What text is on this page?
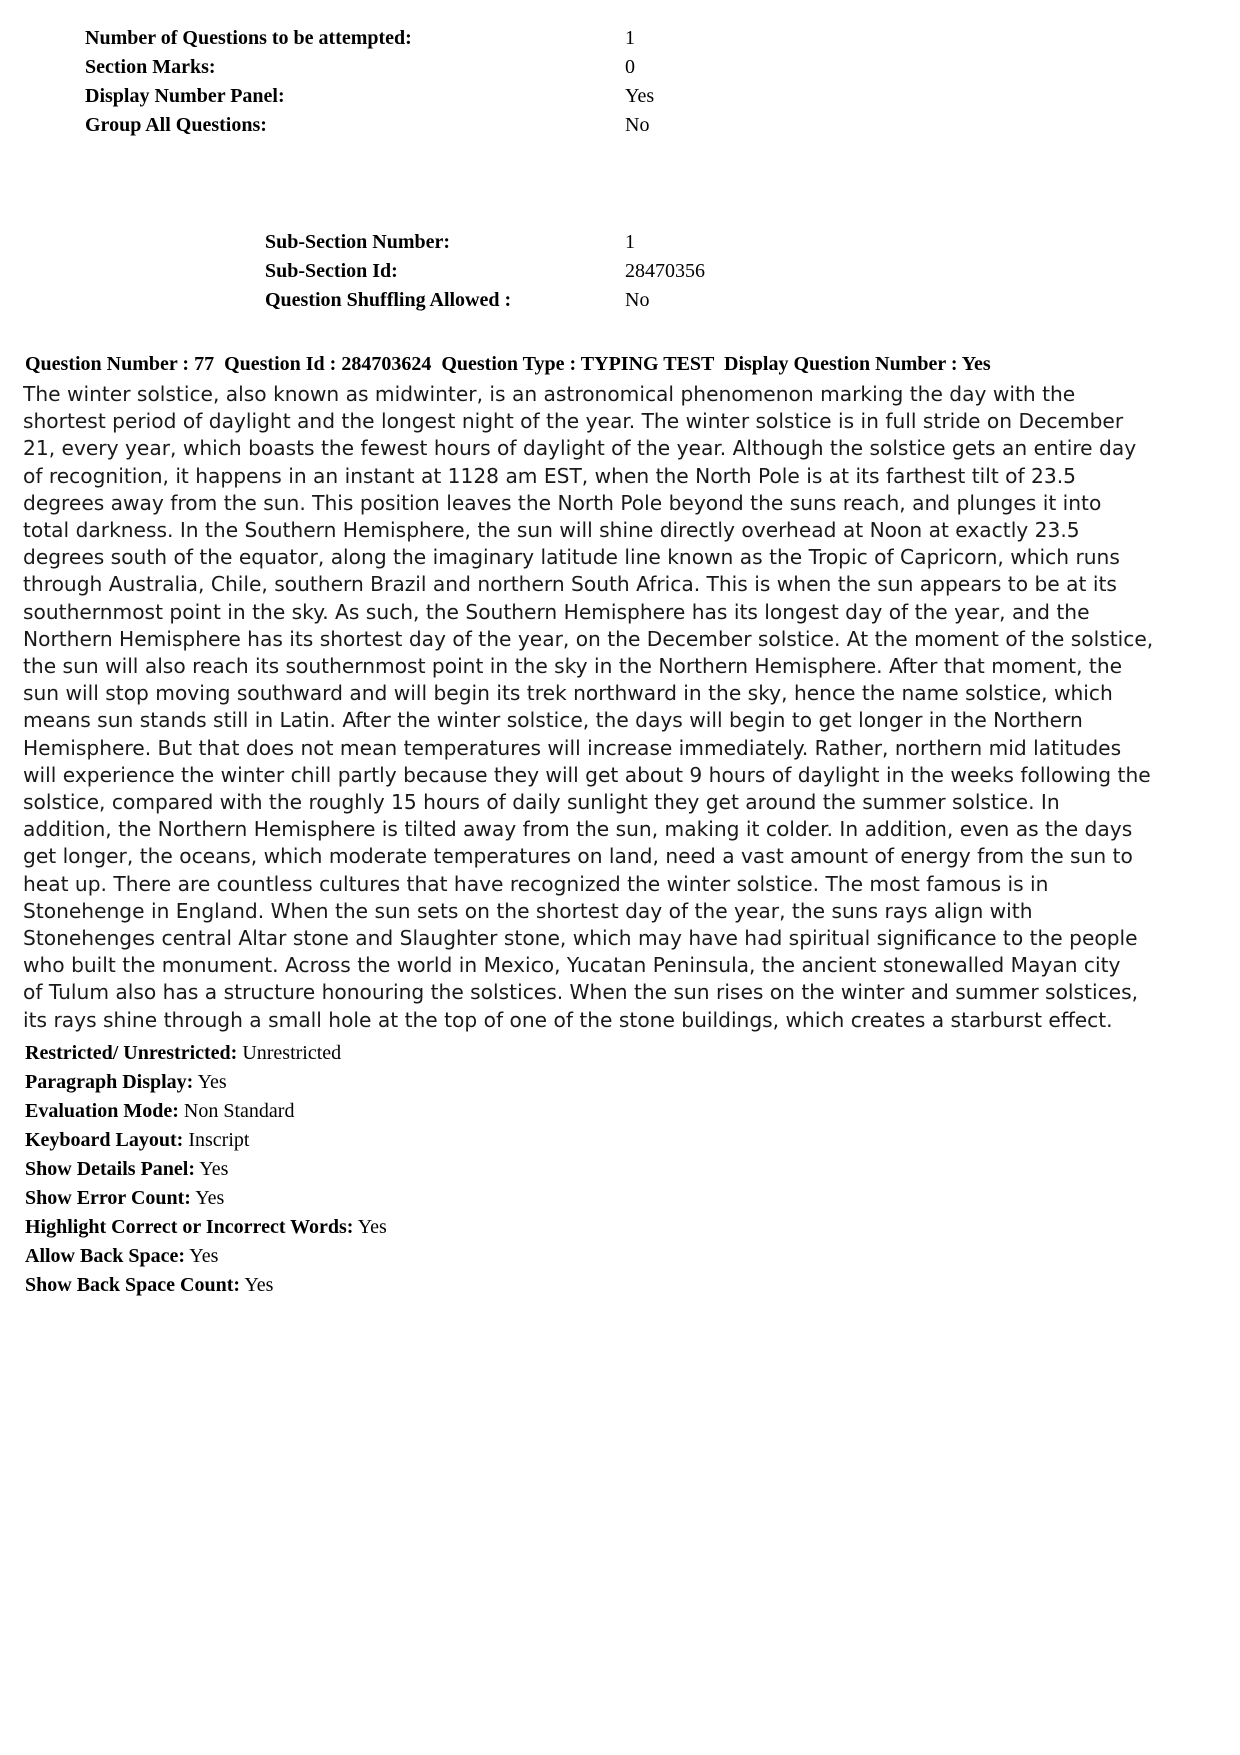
Number of Questions to be attempted:	1
Section Marks:	0
Display Number Panel:	Yes
Group All Questions:	No
Sub-Section Number:	1
Sub-Section Id:	28470356
Question Shuffling Allowed :	No
Question Number : 77  Question Id : 284703624  Question Type : TYPING TEST  Display Question Number : Yes
The winter solstice, also known as midwinter, is an astronomical phenomenon marking the day with the
shortest period of daylight and the longest night of the year. The winter solstice is in full stride on December
21, every year, which boasts the fewest hours of daylight of the year. Although the solstice gets an entire day
of recognition, it happens in an instant at 1128 am EST, when the North Pole is at its farthest tilt of 23.5
degrees away from the sun. This position leaves the North Pole beyond the suns reach, and plunges it into
total darkness. In the Southern Hemisphere, the sun will shine directly overhead at Noon at exactly 23.5
degrees south of the equator, along the imaginary latitude line known as the Tropic of Capricorn, which runs
through Australia, Chile, southern Brazil and northern South Africa. This is when the sun appears to be at its
southernmost point in the sky. As such, the Southern Hemisphere has its longest day of the year, and the
Northern Hemisphere has its shortest day of the year, on the December solstice. At the moment of the solstice,
the sun will also reach its southernmost point in the sky in the Northern Hemisphere. After that moment, the
sun will stop moving southward and will begin its trek northward in the sky, hence the name solstice, which
means sun stands still in Latin. After the winter solstice, the days will begin to get longer in the Northern
Hemisphere. But that does not mean temperatures will increase immediately. Rather, northern mid latitudes
will experience the winter chill partly because they will get about 9 hours of daylight in the weeks following the
solstice, compared with the roughly 15 hours of daily sunlight they get around the summer solstice. In
addition, the Northern Hemisphere is tilted away from the sun, making it colder. In addition, even as the days
get longer, the oceans, which moderate temperatures on land, need a vast amount of energy from the sun to
heat up. There are countless cultures that have recognized the winter solstice. The most famous is in
Stonehenge in England. When the sun sets on the shortest day of the year, the suns rays align with
Stonehenges central Altar stone and Slaughter stone, which may have had spiritual significance to the people
who built the monument. Across the world in Mexico, Yucatan Peninsula, the ancient stonewalled Mayan city
of Tulum also has a structure honouring the solstices. When the sun rises on the winter and summer solstices,
its rays shine through a small hole at the top of one of the stone buildings, which creates a starburst effect.
Restricted/ Unrestricted: Unrestricted
Paragraph Display: Yes
Evaluation Mode: Non Standard
Keyboard Layout: Inscript
Show Details Panel: Yes
Show Error Count: Yes
Highlight Correct or Incorrect Words: Yes
Allow Back Space: Yes
Show Back Space Count: Yes
